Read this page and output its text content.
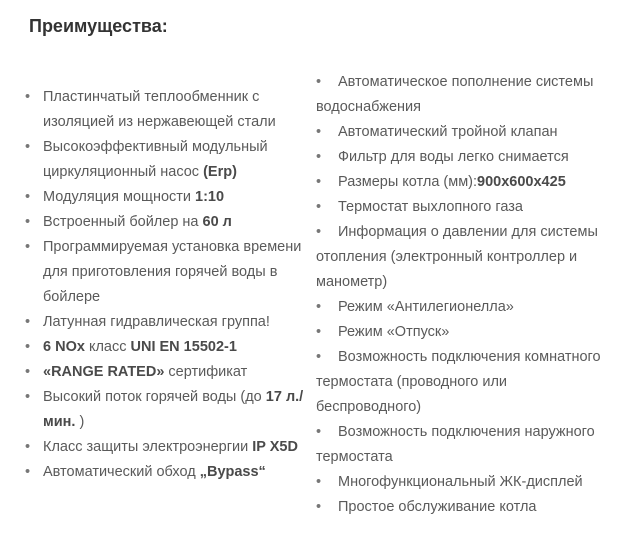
Преимущества:
• Пластинчатый теплообменник с изоляцией из нержавеющей стали
• Высокоэффективный модульный циркуляционный насос (Erp)
• Модуляция мощности 1:10
• Встроенный бойлер на 60 л
• Программируемая установка времени для приготовления горячей воды в бойлере
• Латунная гидравлическая группа!
• 6 NOx класс UNI EN 15502-1
• «RANGE RATED» сертификат
• Высокий поток горячей воды (до 17 л./мин. )
• Класс защиты электроэнергии IP X5D
• Автоматический обход „Bypass“
• Автоматическое пополнение системы водоснабжения
• Автоматический тройной клапан
• Фильтр для воды легко снимается
• Размеры котла (мм):900x600x425
• Термостат выхлопного газа
• Информация о давлении для системы отопления (электронный контроллер и манометр)
• Режим «Антилегионелла»
• Режим «Отпуск»
• Возможность подключения комнатного термостата (проводного или беспроводного)
• Возможность подключения наружного термостата
• Многофункциональный ЖК-дисплей
• Простое обслуживание котла
